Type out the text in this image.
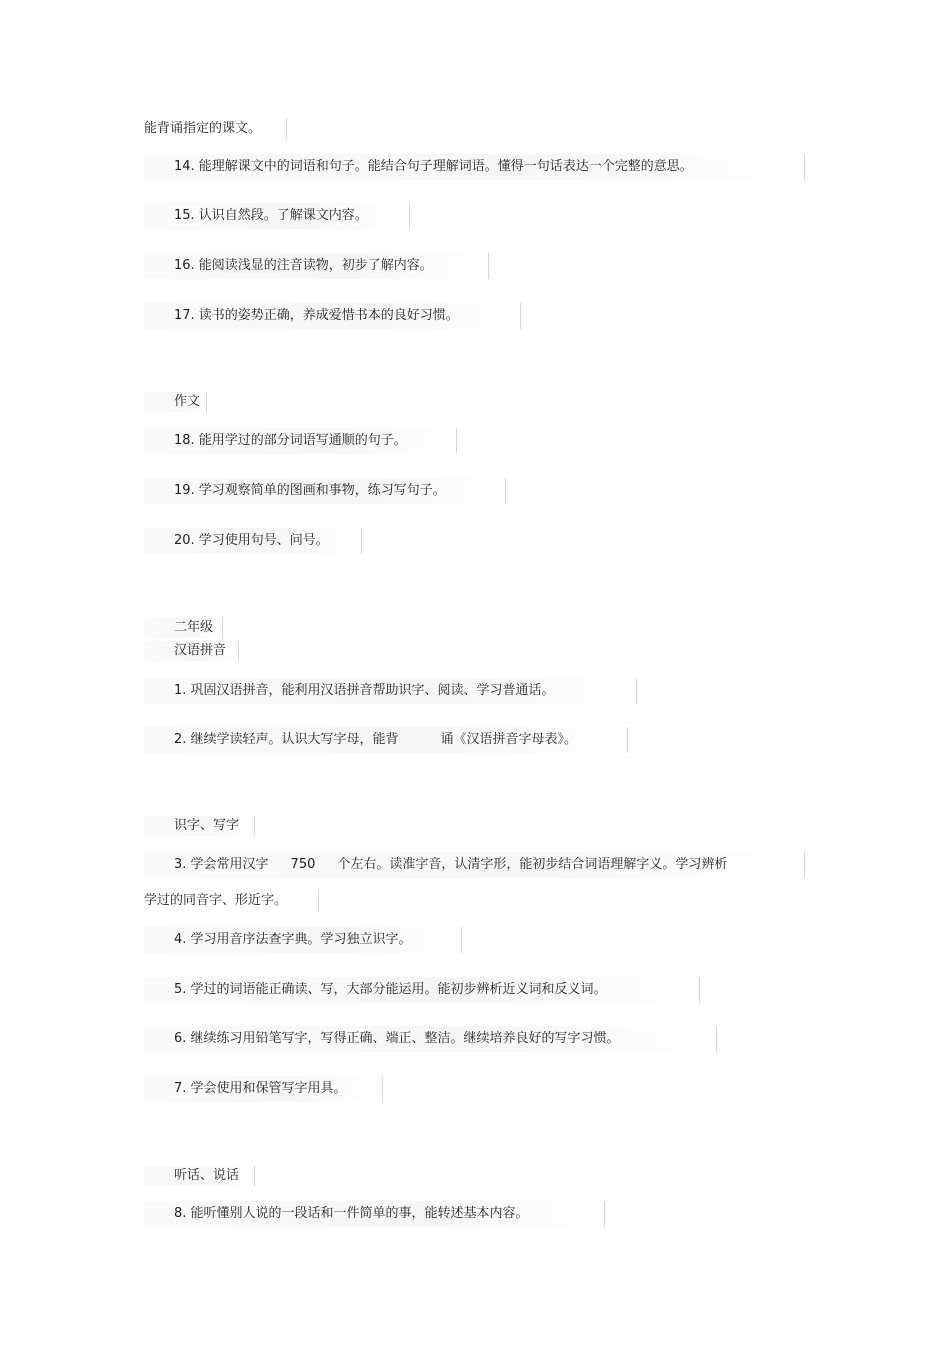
能背诵指定的课文。
14. 能理解课文中的词语和句子。能结合句子理解词语。懂得一句话表达一个完整的意思。
15. 认识自然段。了解课文内容。
16. 能阅读浅显的注音读物，初步了解内容。
17. 读书的姿势正确，养成爱惜书本的良好习惯。
作文
18. 能用学过的部分词语写通顺的句子。
19. 学习观察简单的图画和事物，练习写句子。
20. 学习使用句号、问号。
二年级
汉语拼音
1. 巩固汉语拼音，能利用汉语拼音帮助识字、阅读、学习普通话。
2. 继续学读轻声。认识大写字母，能背	诵《汉语拼音字母表》。
识字、写字
3. 学会常用汉字 750 个左右。读准字音，认清字形，能初步结合词语理解字义。学习辨析
学过的同音字、形近字。
4. 学习用音序法查字典。学习独立识字。
5. 学过的词语能正确读、写，大部分能运用。能初步辨析近义词和反义词。
6. 继续练习用铅笔写字，写得正确、端正、整洁。继续培养良好的写字习惯。
7. 学会使用和保管写字用具。
听话、说话
8. 能听懂别人说的一段话和一件简单的事，能转述基本内容。
